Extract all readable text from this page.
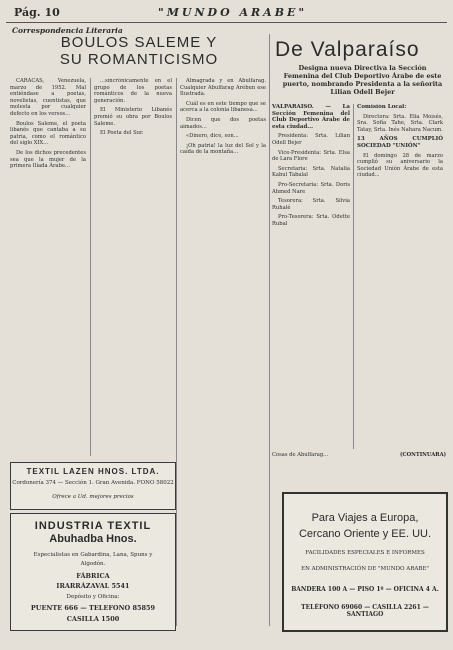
Pág. 10	"MUNDO ARABE"
Correspondencia Literaria
BOULOS SALEME Y
SU ROMANTICISMO	De Valparaíso
Designa nueva Directiva la Sección Femenina del Club Deportivo Árabe de este puerto, nombrando Presidenta a la señorita Lilian Odell Bejer

CARACAS, Venezuela, marzo de 1952. Mal entiéndase a poetas, novelistas, cuentistas, que molesta por cualquier defecto en los versos...

Boulos Saleme, el poeta libanés que cantaba a su patria, como el romántico del siglo XIX...

De los dichos precedentes sea que la mujer de la primera Ilíada Árabe...

...sincrónicamente en el grupo de los poetas románticos de la nueva generación.

El Ministerio Libanés premió su obra por Boulos Saleme.

El Poeta del Sur.

Almagrada y en Abulfarag. Cualquier Abulfarag Arebun ese Ilustrada.

Cuál es en este tiempo que se acerca a la colonia libanesa...

Dicen que dos poetas aimados...

«Dinero, dice, son...

¡Oh patria! la luz del Sol y la caída de la montaña...

VALPARAISO. — La Sección Femenina del Club Deportivo Árabe de esta ciudad...

Presidenta: Srta. Lilian Odell Bejer

Vice-Presidenta: Srta. Elsa de Lara Flore

Secretaria: Srta. Natalia Kabul Tabalal

Pro-Secretaria: Srta. Doris Ahmed Nare

Tesorera: Srta. Silvia Ruhalé

Pro-Tesorera: Srta. Odette Rubal

Comisión Local:

Directora: Srta. Elia Moisés, Sra. Sofía Tahe, Srta. Clark Tatay, Srta. Inés Nahara Nacum.

13 AÑOS CUMPLIÓ SOCIEDAD "UNIÓN"

El domingo 28 de marzo cumplió su aniversario la Sociedad Unión Árabe de esta ciudad...

Cosas de Abulfarag...	(CONTINUARA)
TEXTIL LAZEN HNOS. LTDA.
Cordonería 374 — Sección 1. Gran Avenida. FONO 58022
Ofrece a Ud. mejores precios
INDUSTRIA TEXTIL
Abuhadba Hnos.
Especialistas en Gabardina, Lana, Spuns y
Algodón.
FÁBRICA
IRARRÁZAVAL 5541
Depósito y Oficina:
PUENTE 666 — TELEFONO 85859
CASILLA 1500
Para Viajes a Europa,
Cercano Oriente y EE. UU.
FACILIDADES ESPECIALES E INFORMES
EN ADMINISTRACIÓN DE "MUNDO ARABE"
BANDERA 100 A — PISO 1º — OFICINA 4 A.
TELÉFONO 69060 — CASILLA 2261 — SANTIAGO
